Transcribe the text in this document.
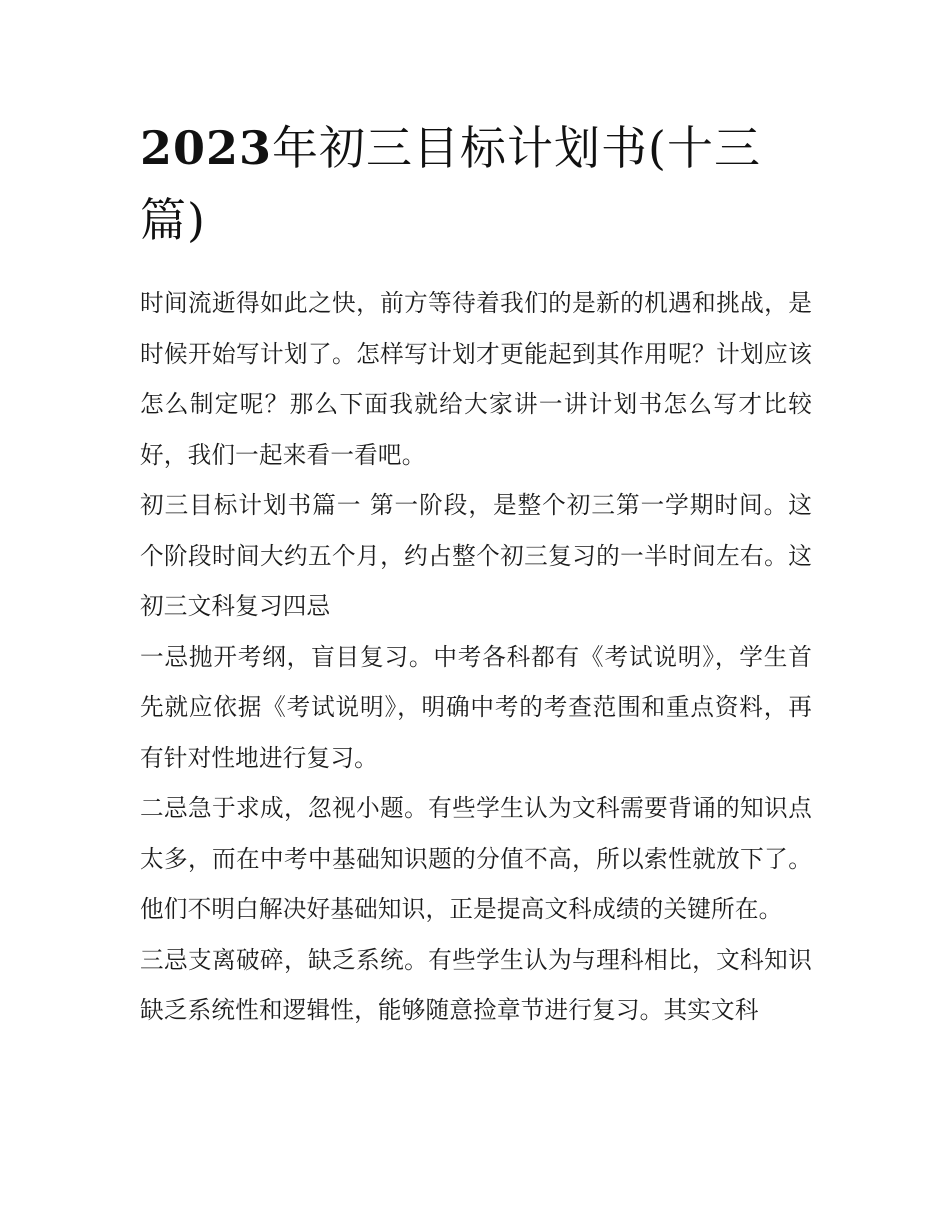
2023年初三目标计划书(十三篇)

时间流逝得如此之快，前方等待着我们的是新的机遇和挑战，是时候开始写计划了。怎样写计划才更能起到其作用呢？计划应该怎么制定呢？那么下面我就给大家讲一讲计划书怎么写才比较好，我们一起来看一看吧。

初三目标计划书篇一 第一阶段，是整个初三第一学期时间。这个阶段时间大约五个月，约占整个初三复习的一半时间左右。这初三文科复习四忌

一忌抛开考纲，盲目复习。中考各科都有《考试说明》，学生首先就应依据《考试说明》，明确中考的考查范围和重点资料，再有针对性地进行复习。

二忌急于求成，忽视小题。有些学生认为文科需要背诵的知识点太多，而在中考中基础知识题的分值不高，所以索性就放下了。他们不明白解决好基础知识，正是提高文科成绩的关键所在。

三忌支离破碎，缺乏系统。有些学生认为与理科相比，文科知识缺乏系统性和逻辑性，能够随意捡章节进行复习。其实文科
